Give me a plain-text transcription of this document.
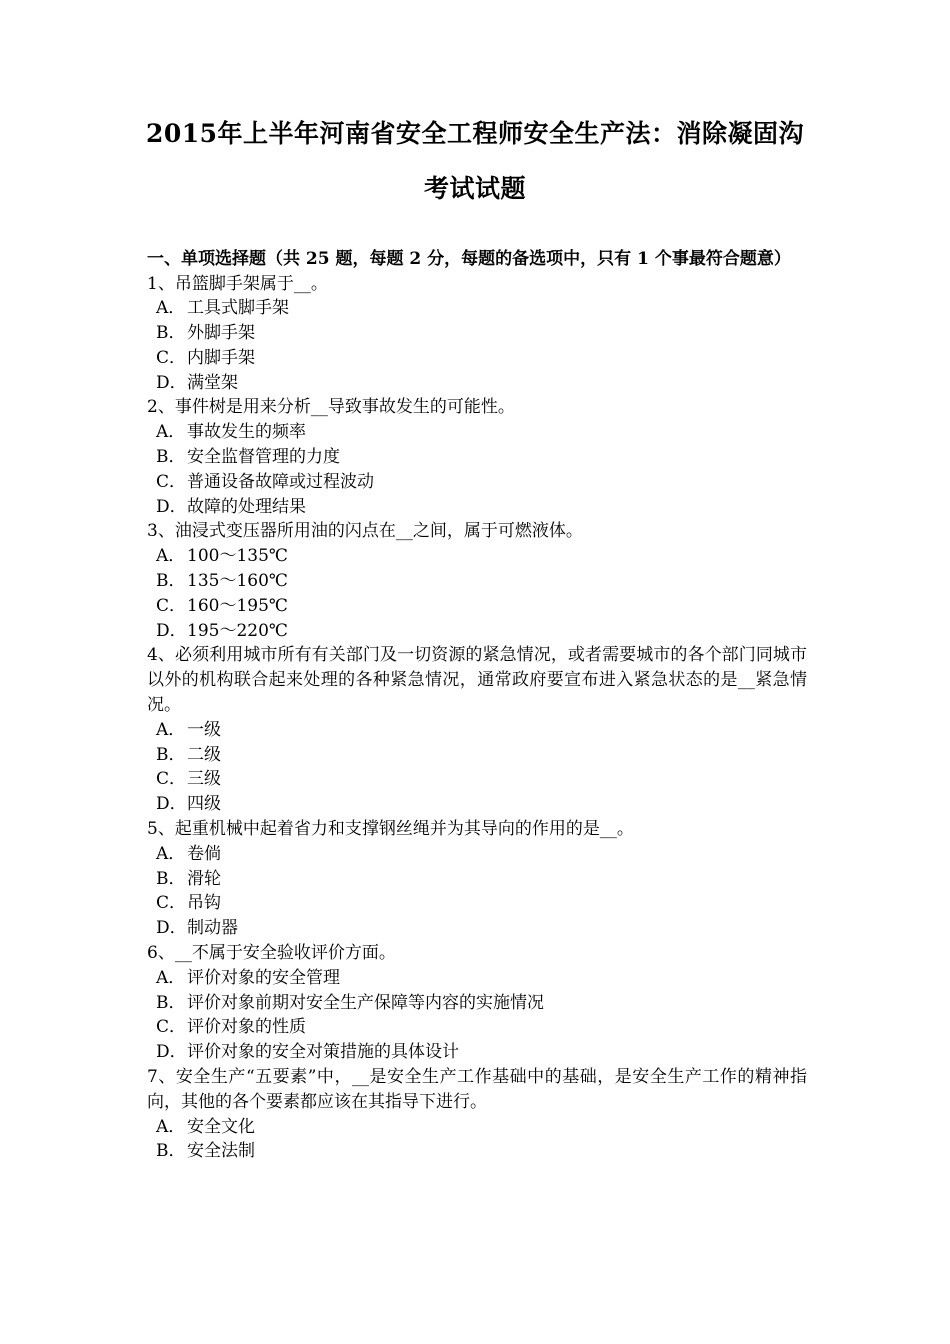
2015年上半年河南省安全工程师安全生产法：消除凝固沟
考试试题
一、单项选择题（共 25 题，每题 2 分，每题的备选项中，只有 1 个事最符合题意）
1、吊篮脚手架属于__。
A． 工具式脚手架
B．外脚手架
C．内脚手架
D．满堂架
2、事件树是用来分析__导致事故发生的可能性。
A． 事故发生的频率
B．安全监督管理的力度
C．普通设备故障或过程波动
D．故障的处理结果
3、油浸式变压器所用油的闪点在__之间，属于可燃液体。
A． 100～135℃
B．135～160℃
C．160～195℃
D．195～220℃
4、必须利用城市所有有关部门及一切资源的紧急情况，或者需要城市的各个部门同城市以外的机构联合起来处理的各种紧急情况，通常政府要宣布进入紧急状态的是__紧急情况。
A． 一级
B．二级
C．三级
D．四级
5、起重机械中起着省力和支撑钢丝绳并为其导向的作用的是__。
A． 卷倘
B．滑轮
C．吊钩
D．制动器
6、__不属于安全验收评价方面。
A． 评价对象的安全管理
B．评价对象前期对安全生产保障等内容的实施情况
C．评价对象的性质
D．评价对象的安全对策措施的具体设计
7、安全生产“五要素”中，__是安全生产工作基础中的基础，是安全生产工作的精神指向，其他的各个要素都应该在其指导下进行。
A． 安全文化
B．安全法制
